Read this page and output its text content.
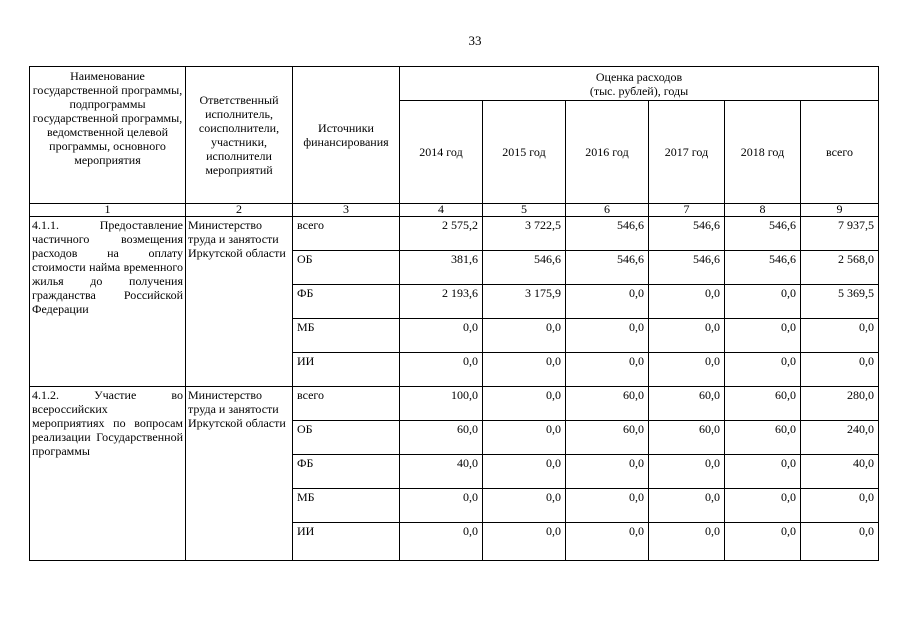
33
Наименование государственной программы, подпрограммы государственной программы, ведомственной целевой программы, основного мероприятия	Ответственный исполнитель, соисполнители, участники, исполнители мероприятий	Источники финансирования	Оценка расходов
(тыс. рублей), годы					

			2014 год	2015 год	2016 год	2017 год	2018 год	всего
1	2	3	4	5	6	7	8	9
4.1.1. Предоставление частичного возмещения расходов на оплату стоимости найма временного жилья до получения гражданства Российской Федерации	Министерство труда и занятости Иркутской области	всего	2 575,2	3 722,5	546,6	546,6	546,6	7 937,5
		ОБ	381,6	546,6	546,6	546,6	546,6	2 568,0
		ФБ	2 193,6	3 175,9	0,0	0,0	0,0	5 369,5
		МБ	0,0	0,0	0,0	0,0	0,0	0,0
		ИИ	0,0	0,0	0,0	0,0	0,0	0,0
4.1.2. Участие во всероссийских мероприятиях по вопросам реализации Государственной программы	Министерство труда и занятости Иркутской области	всего	100,0	0,0	60,0	60,0	60,0	280,0
		ОБ	60,0	0,0	60,0	60,0	60,0	240,0
		ФБ	40,0	0,0	0,0	0,0	0,0	40,0
		МБ	0,0	0,0	0,0	0,0	0,0	0,0
		ИИ	0,0	0,0	0,0	0,0	0,0	0,0
